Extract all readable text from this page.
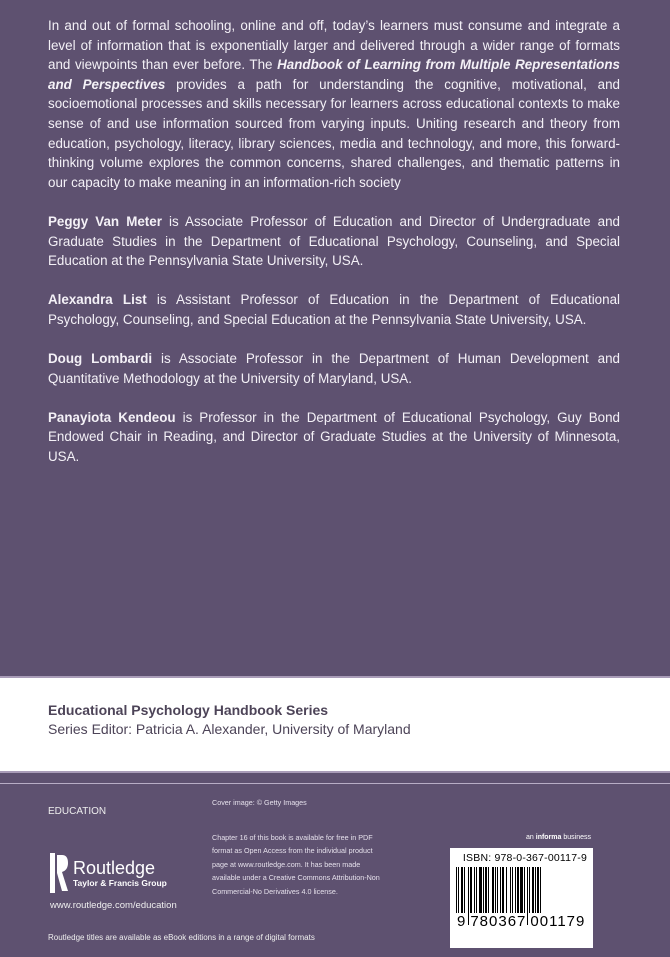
In and out of formal schooling, online and off, today’s learners must consume and integrate a level of information that is exponentially larger and delivered through a wider range of formats and viewpoints than ever before. The Handbook of Learning from Multiple Representations and Perspectives provides a path for understanding the cognitive, motivational, and socioemotional processes and skills necessary for learners across educational contexts to make sense of and use information sourced from varying inputs. Uniting research and theory from education, psychology, literacy, library sciences, media and technology, and more, this forward-thinking volume explores the common concerns, shared challenges, and thematic patterns in our capacity to make meaning in an information-rich society

Peggy Van Meter is Associate Professor of Education and Director of Undergraduate and Graduate Studies in the Department of Educational Psychology, Counseling, and Special Education at the Pennsylvania State University, USA.

Alexandra List is Assistant Professor of Education in the Department of Educational Psychology, Counseling, and Special Education at the Pennsylvania State University, USA.

Doug Lombardi is Associate Professor in the Department of Human Development and Quantitative Methodology at the University of Maryland, USA.

Panayiota Kendeou is Professor in the Department of Educational Psychology, Guy Bond Endowed Chair in Reading, and Director of Graduate Studies at the University of Minnesota, USA.

Educational Psychology Handbook Series
Series Editor: Patricia A. Alexander, University of Maryland
EDUCATION
Cover image: © Getty Images
Chapter 16 of this book is available for free in PDF format as Open Access from the individual product page at www.routledge.com. It has been made available under a Creative Commons Attribution-Non Commercial-No Derivatives 4.0 license.
Routledge
Taylor & Francis Group
www.routledge.com/education
Routledge titles are available as eBook editions in a range of digital formats
an informa business
ISBN: 978-0-367-00117-9
9 780367 001179
